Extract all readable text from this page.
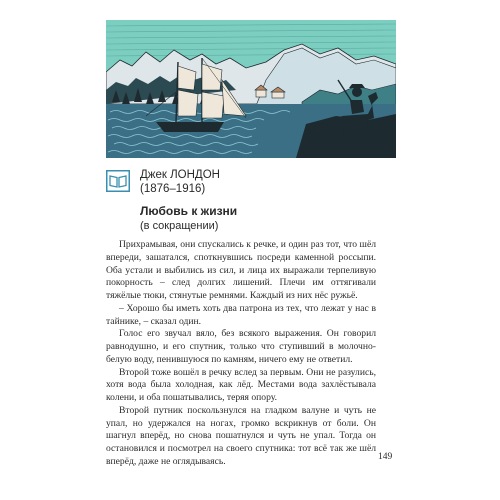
Джек ЛОНДОН
(1876–1916)
Любовь к жизни
(в сокращении)

Прихрамывая, они спускались к речке, и один раз тот, что шёл впереди, зашатался, споткнувшись посреди каменной россыпи. Оба устали и выбились из сил, и лица их выражали терпеливую покорность – след долгих лишений. Плечи им оттягивали тяжёлые тюки, стянутые ремнями. Каждый из них нёс ружьё.

– Хорошо бы иметь хоть два патрона из тех, что лежат у нас в тайнике, – сказал один.

Голос его звучал вяло, без всякого выражения. Он говорил равнодушно, и его спутник, только что ступивший в молочно-белую воду, пенившуюся по камням, ничего ему не ответил.

Второй тоже вошёл в речку вслед за первым. Они не разулись, хотя вода была холодная, как лёд. Местами вода захлёстывала колени, и оба пошатывались, теряя опору.

Второй путник поскользнулся на гладком валуне и чуть не упал, но удержался на ногах, громко вскрикнув от боли. Он шагнул вперёд, но снова пошатнулся и чуть не упал. Тогда он остановился и посмотрел на своего спутника: тот всё так же шёл вперёд, даже не оглядываясь.	149
